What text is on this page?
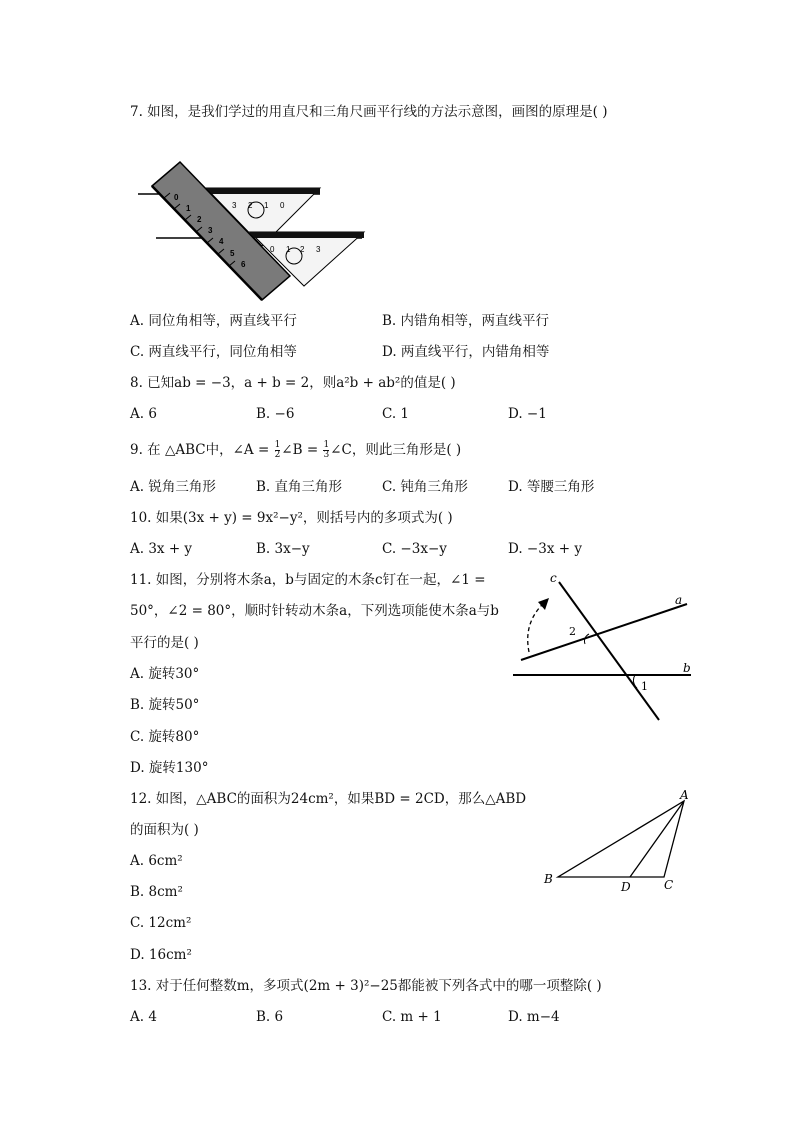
7. 如图，是我们学过的用直尺和三角尺画平行线的方法示意图，画图的原理是( )
0
1
2
3
4
5
6
3 2 1 0
0 1 2 3
A. 同位角相等，两直线平行	B. 内错角相等，两直线平行
C. 两直线平行，同位角相等	D. 两直线平行，内错角相等
8. 已知ab = −3，a + b = 2，则a²b + ab²的值是( )
A. 6	B. −6	C. 1	D. −1
9. 在 △ABC中，∠A = $\frac{1}{2}$ ∠B = $\frac{1}{3}$ ∠C，则此三角形是( )
A. 锐角三角形	B. 直角三角形	C. 钝角三角形	D. 等腰三角形
10. 如果(3x + y) = 9x²−y²，则括号内的多项式为( )
A. 3x + y	B. 3x−y	C. −3x−y	D. −3x + y
11. 如图，分别将木条a，b与固定的木条c钉在一起，∠1 =
50°，∠2 = 80°，顺时针转动木条a，下列选项能使木条a与b
平行的是( )
A. 旋转30°
B. 旋转50°
C. 旋转80°
D. 旋转130°
c
a
b
2
1
12. 如图，△ABC的面积为24cm²，如果BD = 2CD，那么△ABD
的面积为( )
A. 6cm²
B. 8cm²
C. 12cm²
D. 16cm²
A
B	C
D
13. 对于任何整数m，多项式(2m + 3)²−25都能被下列各式中的哪一项整除( )
A. 4	B. 6	C. m + 1	D. m−4
